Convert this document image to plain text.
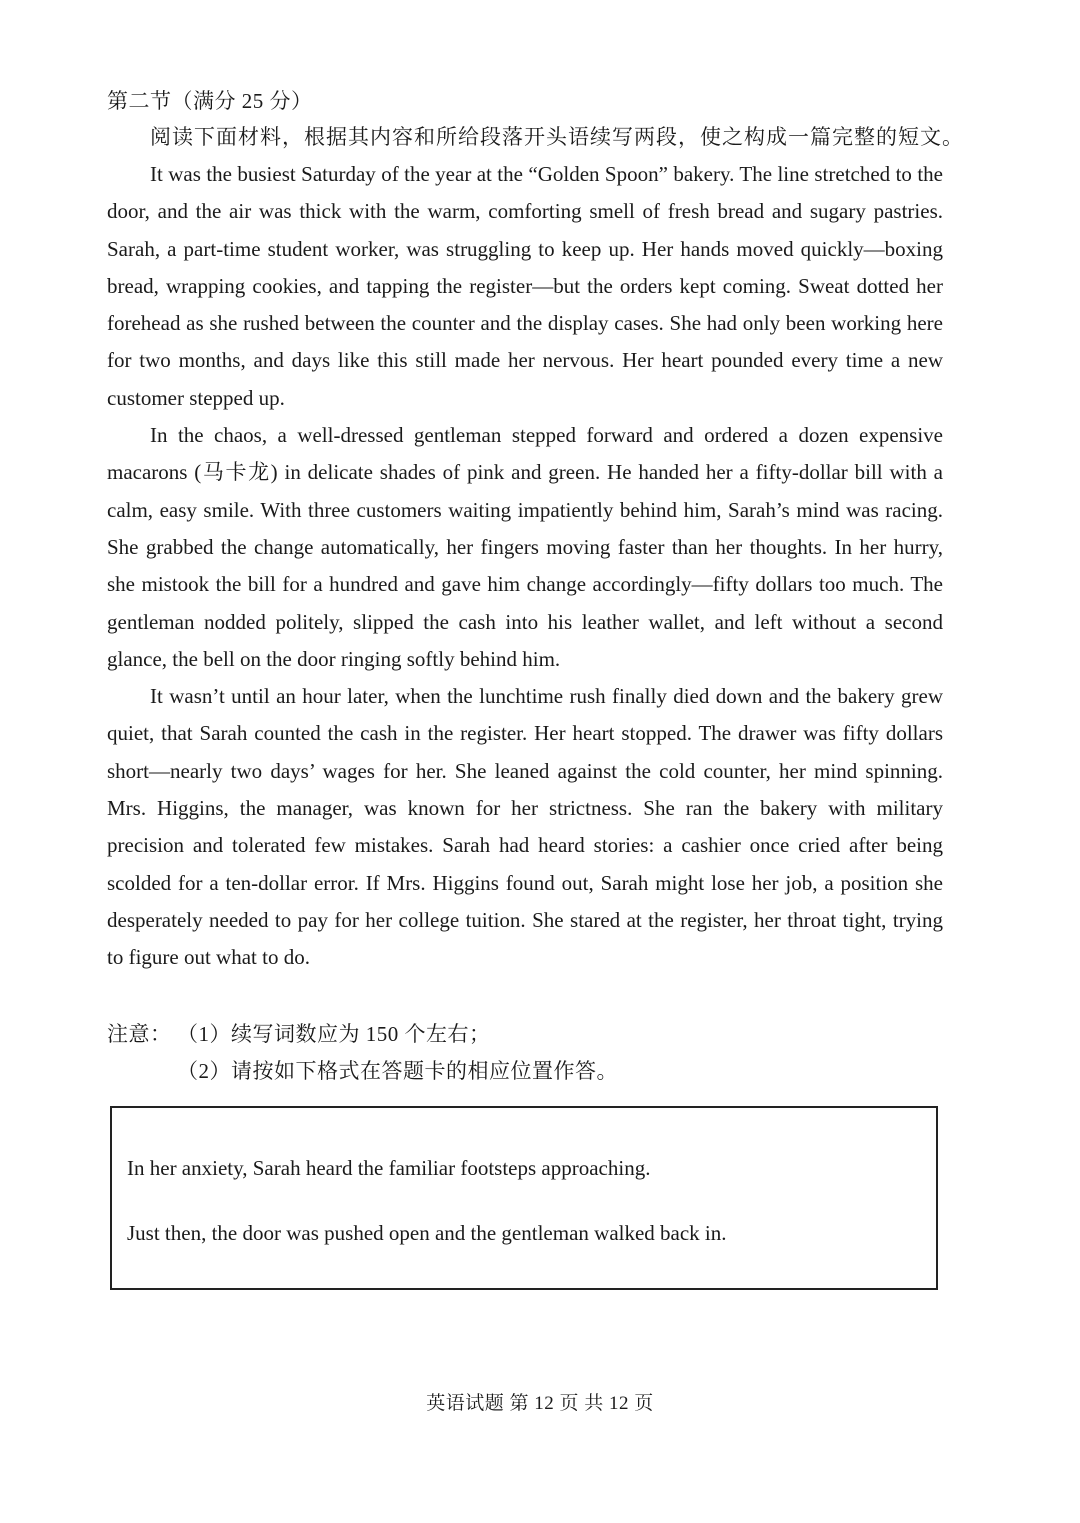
第二节（满分 25 分）
阅读下面材料，根据其内容和所给段落开头语续写两段，使之构成一篇完整的短文。

It was the busiest Saturday of the year at the “Golden Spoon” bakery. The line stretched to the door, and the air was thick with the warm, comforting smell of fresh bread and sugary pastries. Sarah, a part-time student worker, was struggling to keep up. Her hands moved quickly—boxing bread, wrapping cookies, and tapping the register—but the orders kept coming. Sweat dotted her forehead as she rushed between the counter and the display cases. She had only been working here for two months, and days like this still made her nervous. Her heart pounded every time a new customer stepped up.

In the chaos, a well-dressed gentleman stepped forward and ordered a dozen expensive macarons (马卡龙) in delicate shades of pink and green. He handed her a fifty-dollar bill with a calm, easy smile. With three customers waiting impatiently behind him, Sarah’s mind was racing. She grabbed the change automatically, her fingers moving faster than her thoughts. In her hurry, she mistook the bill for a hundred and gave him change accordingly—fifty dollars too much. The gentleman nodded politely, slipped the cash into his leather wallet, and left without a second glance, the bell on the door ringing softly behind him.

It wasn’t until an hour later, when the lunchtime rush finally died down and the bakery grew quiet, that Sarah counted the cash in the register. Her heart stopped. The drawer was fifty dollars short—nearly two days’ wages for her. She leaned against the cold counter, her mind spinning. Mrs. Higgins, the manager, was known for her strictness. She ran the bakery with military precision and tolerated few mistakes. Sarah had heard stories: a cashier once cried after being scolded for a ten-dollar error. If Mrs. Higgins found out, Sarah might lose her job, a position she desperately needed to pay for her college tuition. She stared at the register, her throat tight, trying to figure out what to do.

注意： （1）续写词数应为 150 个左右；
（2）请按如下格式在答题卡的相应位置作答。
In her anxiety, Sarah heard the familiar footsteps approaching.
Just then, the door was pushed open and the gentleman walked back in.
英语试题 第 12 页 共 12 页
